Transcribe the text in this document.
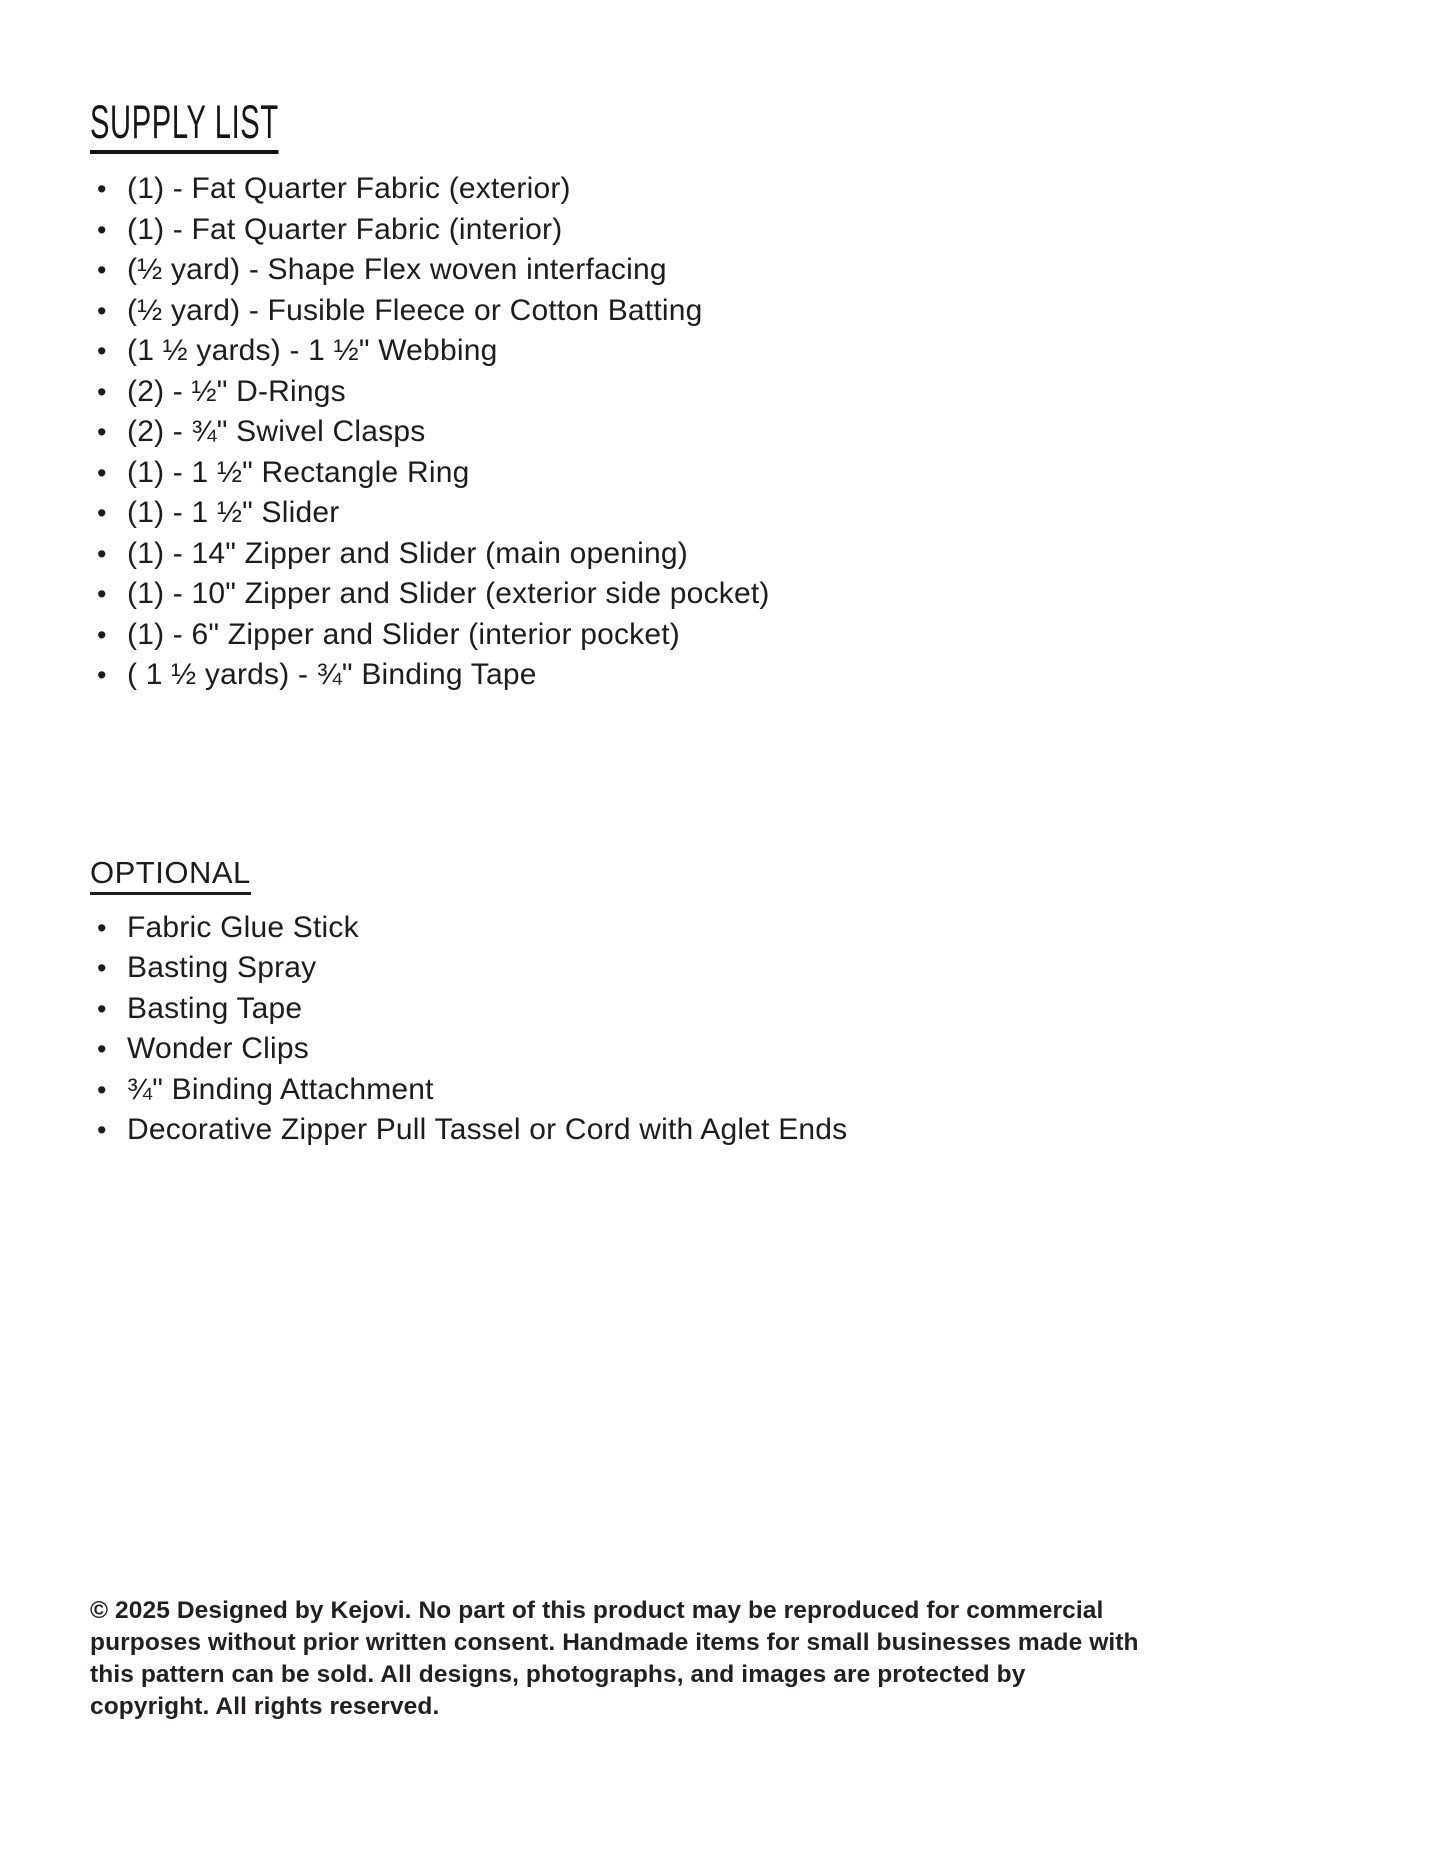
SUPPLY LIST
• (1) - Fat Quarter Fabric (exterior)
• (1) - Fat Quarter Fabric (interior)
• (½ yard) - Shape Flex woven interfacing
• (½ yard) - Fusible Fleece or Cotton Batting
• (1 ½ yards) - 1 ½" Webbing
• (2) - ½" D-Rings
• (2) - ¾" Swivel Clasps
• (1) - 1 ½" Rectangle Ring
• (1) - 1 ½" Slider
• (1) - 14" Zipper and Slider (main opening)
• (1) - 10" Zipper and Slider (exterior side pocket)
• (1) - 6" Zipper and Slider (interior pocket)
• ( 1 ½ yards) - ¾" Binding Tape
OPTIONAL
• Fabric Glue Stick
• Basting Spray
• Basting Tape
• Wonder Clips
• ¾" Binding Attachment
• Decorative Zipper Pull Tassel or Cord with Aglet Ends
© 2025 Designed by Kejovi. No part of this product may be reproduced for commercial
purposes without prior written consent. Handmade items for small businesses made with
this pattern can be sold. All designs, photographs, and images are protected by
copyright. All rights reserved.
